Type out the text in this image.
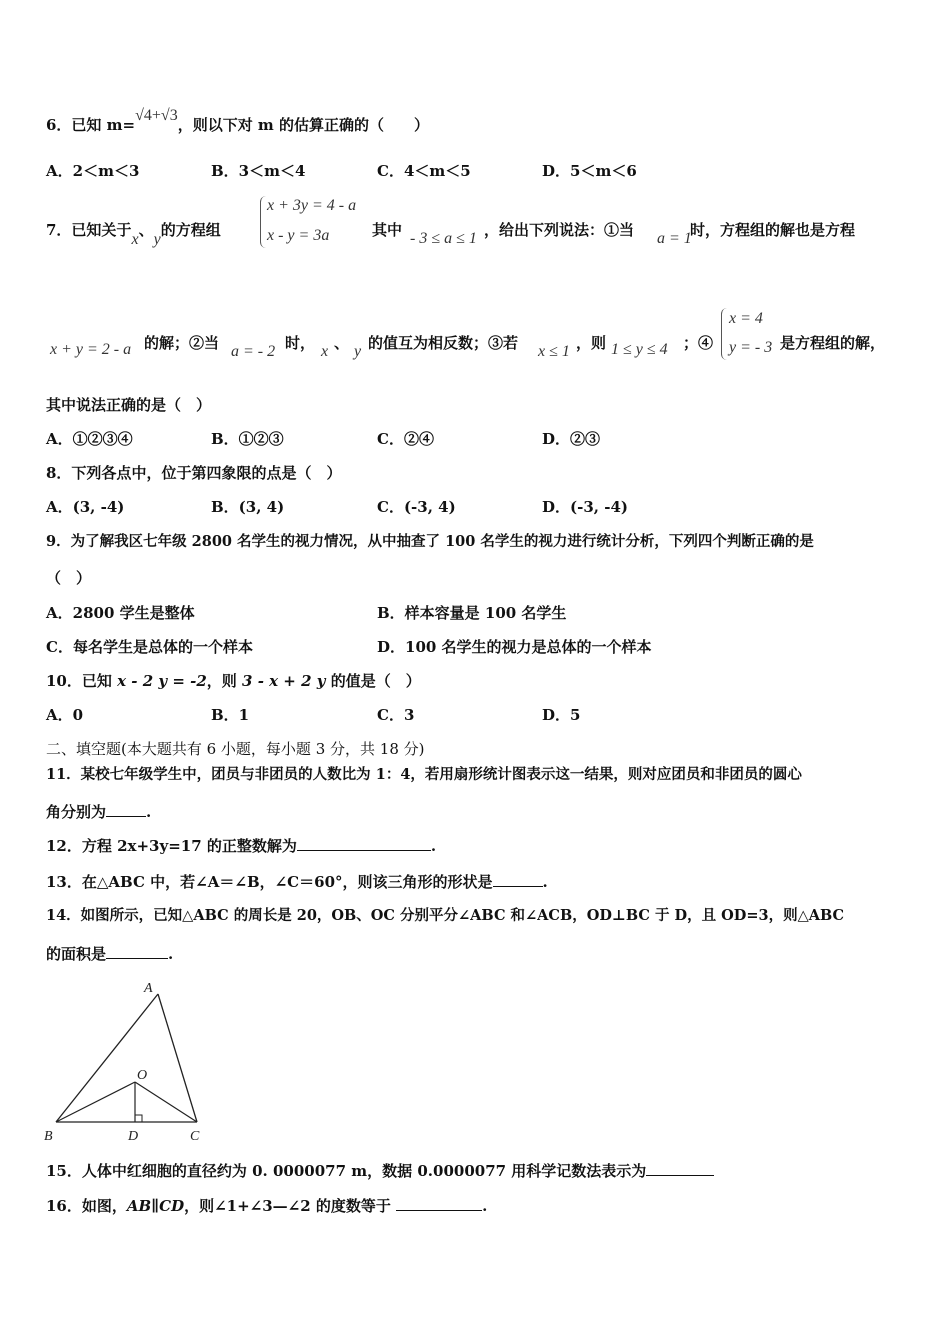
6．已知 m=√4+√3，则以下对 m 的估算正确的（　　）
A．2＜m＜3	B．3＜m＜4	C．4＜m＜5	D．5＜m＜6
7．已知关于x、y的方程组
x + 3y = 4 - a
x - y = 3a	其中 - 3 ≤ a ≤ 1 ，给出下列说法：①当 a = 1
时，方程组的解也是方程
x + y = 2 - a 的解；②当 a = - 2 时， x 、 y 的值互为相反数；③若 x ≤ 1 ，则 1 ≤ y ≤ 4 ；④
x = 4
y = - 3 是方程组的解，
其中说法正确的是（　）
A．①②③④	B．①②③	C．②④	D．②③
8．下列各点中，位于第四象限的点是（　）
A．(3, -4)	B．(3, 4)	C．(-3, 4)	D．(-3, -4)
9．为了解我区七年级 2800 名学生的视力情况，从中抽查了 100 名学生的视力进行统计分析，下列四个判断正确的是
（　）
A．2800 学生是整体	B．样本容量是 100 名学生
C．每名学生是总体的一个样本	D．100 名学生的视力是总体的一个样本
10．已知 x - 2 y = -2，则 3 - x + 2 y 的值是（　）
A．0	B．1	C．3	D．5
二、填空题(本大题共有 6 小题，每小题 3 分，共 18 分)
11．某校七年级学生中，团员与非团员的人数比为 1：4，若用扇形统计图表示这一结果，则对应团员和非团员的圆心
角分别为	.
12．方程 2x+3y=17 的正整数解为	.
13．在△ABC 中，若∠A＝∠B，∠C＝60°，则该三角形的形状是	.
14．如图所示，已知△ABC 的周长是 20，OB、OC 分别平分∠ABC 和∠ACB，OD⊥BC 于 D，且 OD=3，则△ABC
的面积是	.
A
O
B	D	C
15．人体中红细胞的直径约为 0. 0000077 m，数据 0.0000077 用科学记数法表示为
16．如图，AB∥CD，则∠1+∠3—∠2 的度数等于	.
